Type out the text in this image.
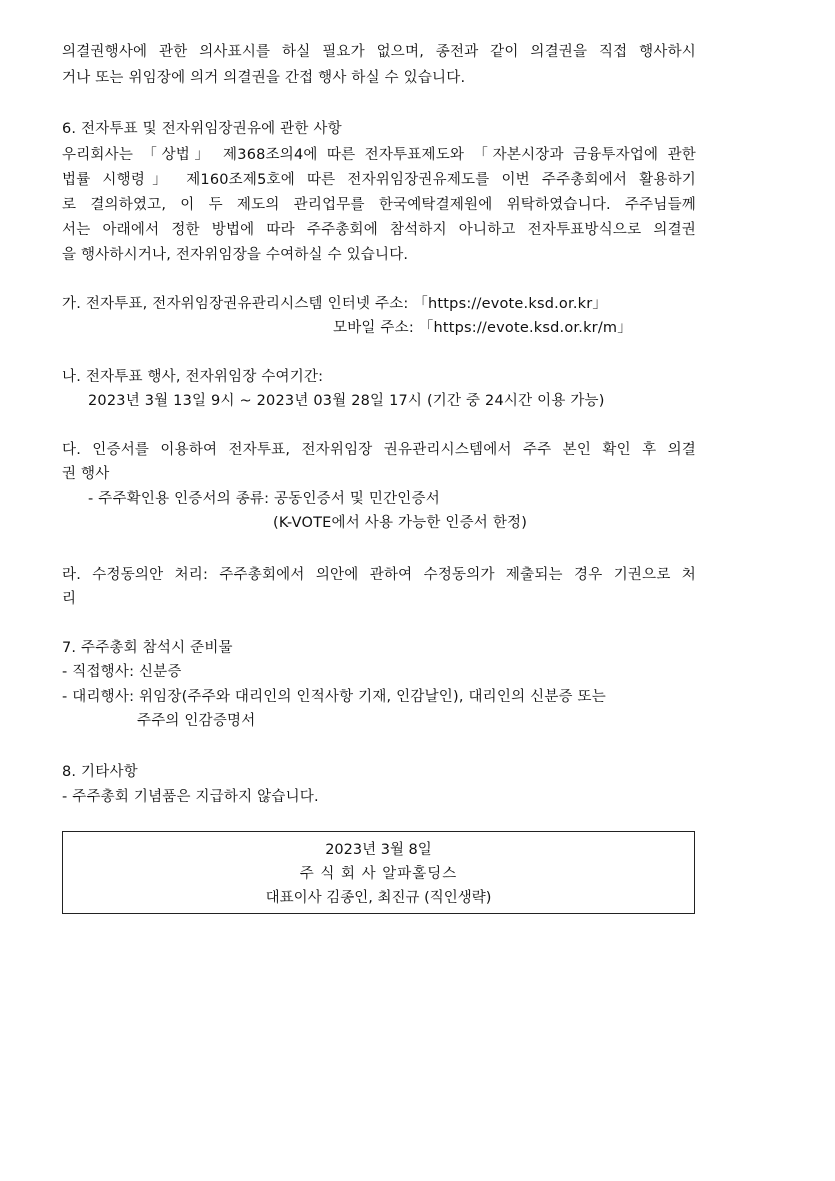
의결권행사에 관한 의사표시를 하실 필요가 없으며, 종전과 같이 의결권을 직접 행사하시
거나 또는 위임장에 의거 의결권을 간접 행사 하실 수 있습니다.
6. 전자투표 및 전자위임장권유에 관한 사항
우리회사는 「상법」 제368조의4에 따른 전자투표제도와 「자본시장과 금융투자업에 관한
법률 시행령」 제160조제5호에 따른 전자위임장권유제도를 이번 주주총회에서 활용하기
로 결의하였고, 이 두 제도의 관리업무를 한국예탁결제원에 위탁하였습니다. 주주님들께
서는 아래에서 정한 방법에 따라 주주총회에 참석하지 아니하고 전자투표방식으로 의결권
을 행사하시거나, 전자위임장을 수여하실 수 있습니다.
가. 전자투표, 전자위임장권유관리시스템 인터넷 주소: 「https://evote.ksd.or.kr」
모바일 주소: 「https://evote.ksd.or.kr/m」
나. 전자투표 행사, 전자위임장 수여기간:
2023년 3월 13일 9시 ~ 2023년 03월 28일 17시 (기간 중 24시간 이용 가능)
다. 인증서를 이용하여 전자투표, 전자위임장 권유관리시스템에서 주주 본인 확인 후 의결
권 행사
- 주주확인용 인증서의 종류: 공동인증서 및 민간인증서
(K-VOTE에서 사용 가능한 인증서 한정)
라. 수정동의안 처리: 주주총회에서 의안에 관하여 수정동의가 제출되는 경우 기권으로 처
리
7. 주주총회 참석시 준비물
- 직접행사: 신분증
- 대리행사: 위임장(주주와 대리인의 인적사항 기재, 인감날인), 대리인의 신분증 또는
주주의 인감증명서
8. 기타사항
- 주주총회 기념품은 지급하지 않습니다.
2023년 3월 8일
주 식 회 사 알파홀딩스
대표이사 김종인, 최진규 (직인생략)
